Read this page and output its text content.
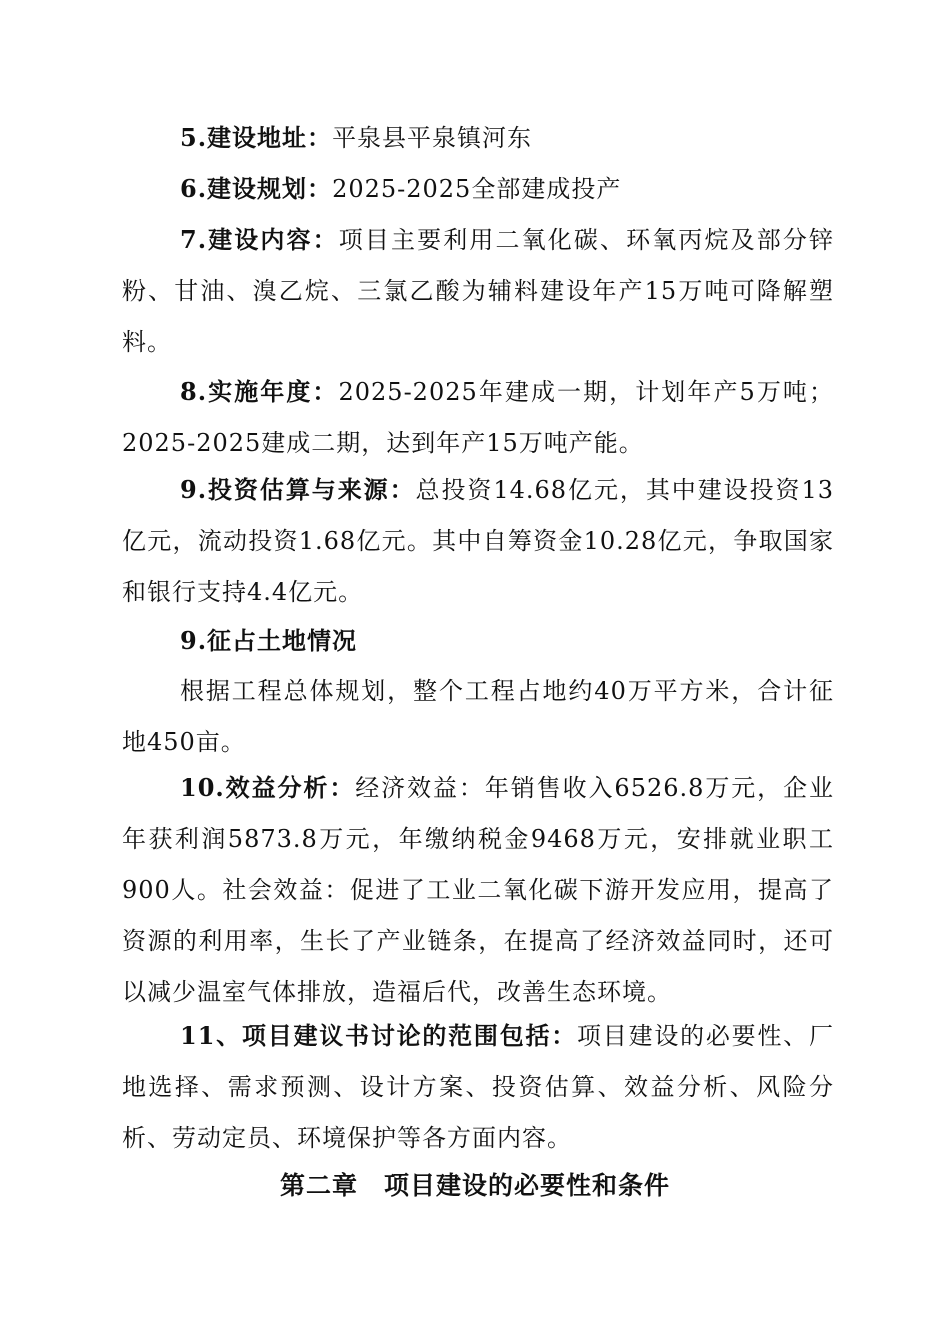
5.建设地址：平泉县平泉镇河东

6.建设规划：2025-2025全部建成投产

7.建设内容：项目主要利用二氧化碳、环氧丙烷及部分锌粉、甘油、溴乙烷、三氯乙酸为辅料建设年产15万吨可降解塑料。

8.实施年度：2025-2025年建成一期，计划年产5万吨；2025-2025建成二期，达到年产15万吨产能。

9.投资估算与来源：总投资14.68亿元，其中建设投资13亿元，流动投资1.68亿元。其中自筹资金10.28亿元，争取国家和银行支持4.4亿元。

9.征占土地情况

根据工程总体规划，整个工程占地约40万平方米，合计征地450亩。

10.效益分析：经济效益：年销售收入6526.8万元，企业年获利润5873.8万元，年缴纳税金9468万元，安排就业职工900人。社会效益：促进了工业二氧化碳下游开发应用，提高了资源的利用率，生长了产业链条，在提高了经济效益同时，还可以减少温室气体排放，造福后代，改善生态环境。

11、项目建议书讨论的范围包括：项目建设的必要性、厂地选择、需求预测、设计方案、投资估算、效益分析、风险分析、劳动定员、环境保护等各方面内容。

第二章　项目建设的必要性和条件
